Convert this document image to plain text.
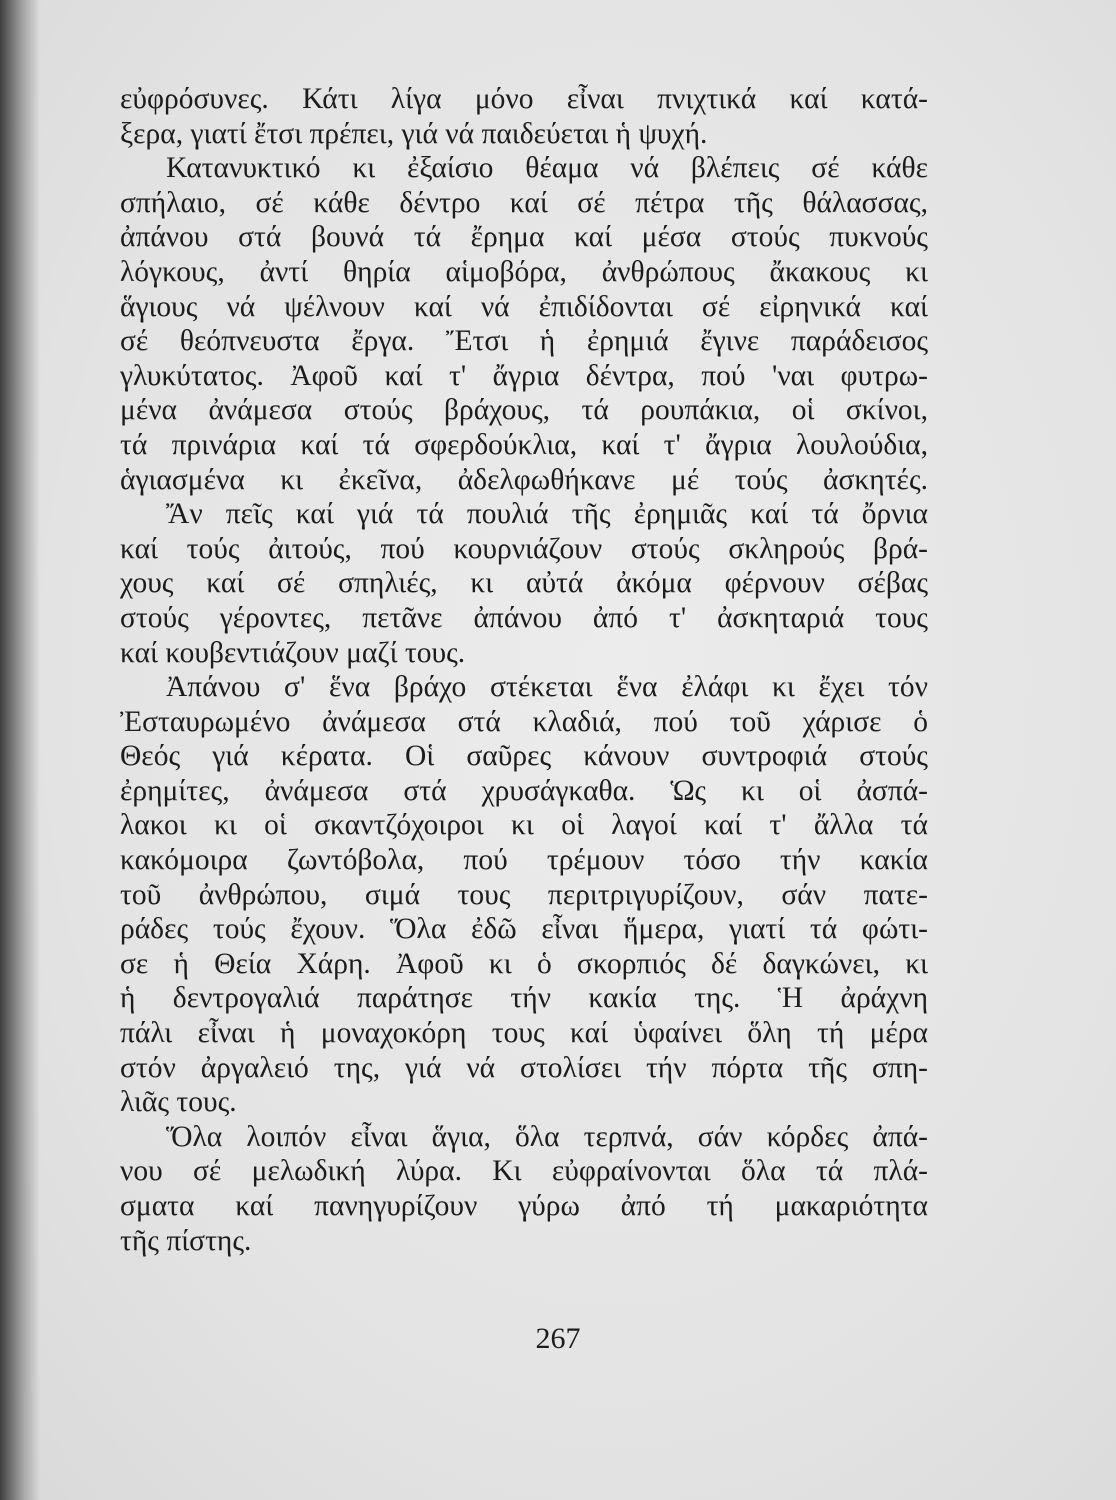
εὐφρόσυνες. Κάτι λίγα μόνο εἶναι πνιχτικά καί κατά-
ξερα, γιατί ἔτσι πρέπει, γιά νά παιδεύεται ἡ ψυχή.
Κατανυκτικό κι ἐξαίσιο θέαμα νά βλέπεις σέ κάθε
σπήλαιο, σέ κάθε δέντρο καί σέ πέτρα τῆς θάλασσας,
ἀπάνου στά βουνά τά ἔρημα καί μέσα στούς πυκνούς
λόγκους, ἀντί θηρία αἱμοβόρα, ἀνθρώπους ἄκακους κι
ἅγιους νά ψέλνουν καί νά ἐπιδίδονται σέ εἰρηνικά καί
σέ θεόπνευστα ἔργα. Ἔτσι ἡ ἐρημιά ἔγινε παράδεισος
γλυκύτατος. Ἀφοῦ καί τ' ἄγρια δέντρα, πού 'ναι φυτρω-
μένα ἀνάμεσα στούς βράχους, τά ρουπάκια, οἱ σκίνοι,
τά πρινάρια καί τά σφερδούκλια, καί τ' ἄγρια λουλούδια,
ἁγιασμένα κι ἐκεῖνα, ἀδελφωθήκανε μέ τούς ἀσκητές.
Ἄν πεῖς καί γιά τά πουλιά τῆς ἐρημιᾶς καί τά ὄρνια
καί τούς ἀιτούς, πού κουρνιάζουν στούς σκληρούς βρά-
χους καί σέ σπηλιές, κι αὐτά ἀκόμα φέρνουν σέβας
στούς γέροντες, πετᾶνε ἀπάνου ἀπό τ' ἀσκηταριά τους
καί κουβεντιάζουν μαζί τους.
Ἀπάνου σ' ἕνα βράχο στέκεται ἕνα ἐλάφι κι ἔχει τόν
Ἐσταυρωμένο ἀνάμεσα στά κλαδιά, πού τοῦ χάρισε ὁ
Θεός γιά κέρατα. Οἱ σαῦρες κάνουν συντροφιά στούς
ἐρημίτες, ἀνάμεσα στά χρυσάγκαθα. Ὡς κι οἱ ἀσπά-
λακοι κι οἱ σκαντζόχοιροι κι οἱ λαγοί καί τ' ἄλλα τά
κακόμοιρα ζωντόβολα, πού τρέμουν τόσο τήν κακία
τοῦ ἀνθρώπου, σιμά τους περιτριγυρίζουν, σάν πατε-
ράδες τούς ἔχουν. Ὅλα ἐδῶ εἶναι ἥμερα, γιατί τά φώτι-
σε ἡ Θεία Χάρη. Ἀφοῦ κι ὁ σκορπιός δέ δαγκώνει, κι
ἡ δεντρογαλιά παράτησε τήν κακία της. Ἡ ἀράχνη
πάλι εἶναι ἡ μοναχοκόρη τους καί ὑφαίνει ὅλη τή μέρα
στόν ἀργαλειό της, γιά νά στολίσει τήν πόρτα τῆς σπη-
λιᾶς τους.
Ὅλα λοιπόν εἶναι ἅγια, ὅλα τερπνά, σάν κόρδες ἀπά-
νου σέ μελωδική λύρα. Κι εὐφραίνονται ὅλα τά πλά-
σματα καί πανηγυρίζουν γύρω ἀπό τή μακαριότητα
τῆς πίστης.
267
